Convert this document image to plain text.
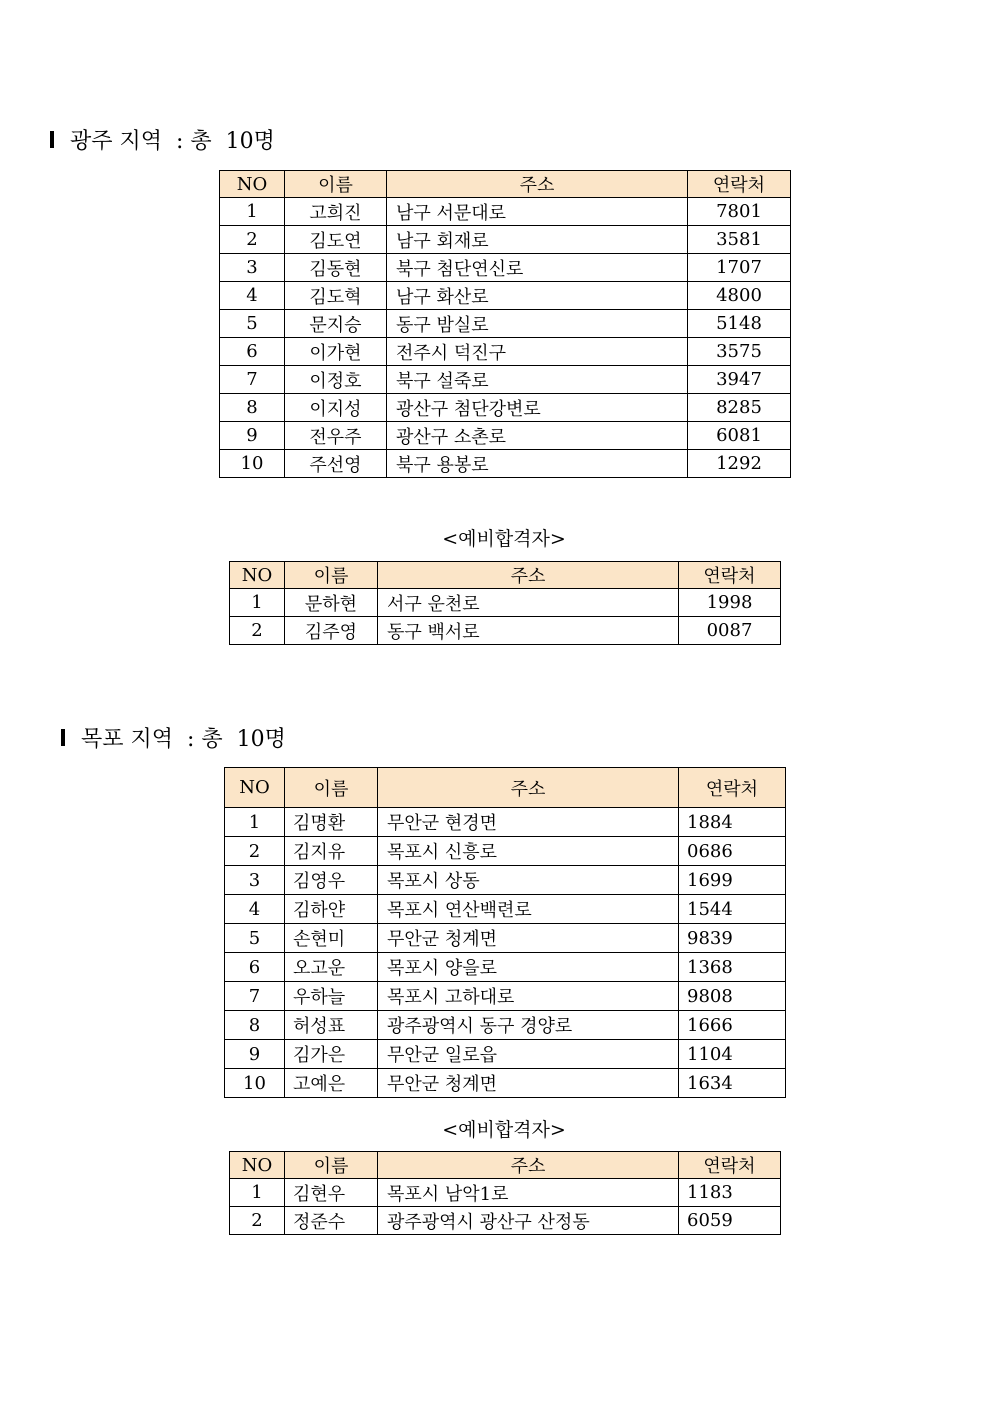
광주 지역  : 총  10명
NO	이름	주소	연락처
1	고희진	남구 서문대로	7801
2	김도연	남구 회재로	3581
3	김동현	북구 첨단연신로	1707
4	김도혁	남구 화산로	4800
5	문지승	동구 밤실로	5148
6	이가현	전주시 덕진구	3575
7	이정호	북구 설죽로	3947
8	이지성	광산구 첨단강변로	8285
9	전우주	광산구 소촌로	6081
10	주선영	북구 용봉로	1292
<예비합격자>
NO	이름	주소	연락처
1	문하현	서구 운천로	1998
2	김주영	동구 백서로	0087
목포 지역  : 총  10명
NO	이름	주소	연락처
1	김명환	무안군 현경면	1884
2	김지유	목포시 신흥로	0686
3	김영우	목포시 상동	1699
4	김하얀	목포시 연산백련로	1544
5	손현미	무안군 청계면	9839
6	오고운	목포시 양을로	1368
7	우하늘	목포시 고하대로	9808
8	허성표	광주광역시 동구 경양로	1666
9	김가은	무안군 일로읍	1104
10	고예은	무안군 청계면	1634
<예비합격자>
NO	이름	주소	연락처
1	김현우	목포시 남악1로	1183
2	정준수	광주광역시 광산구 산정동	6059
